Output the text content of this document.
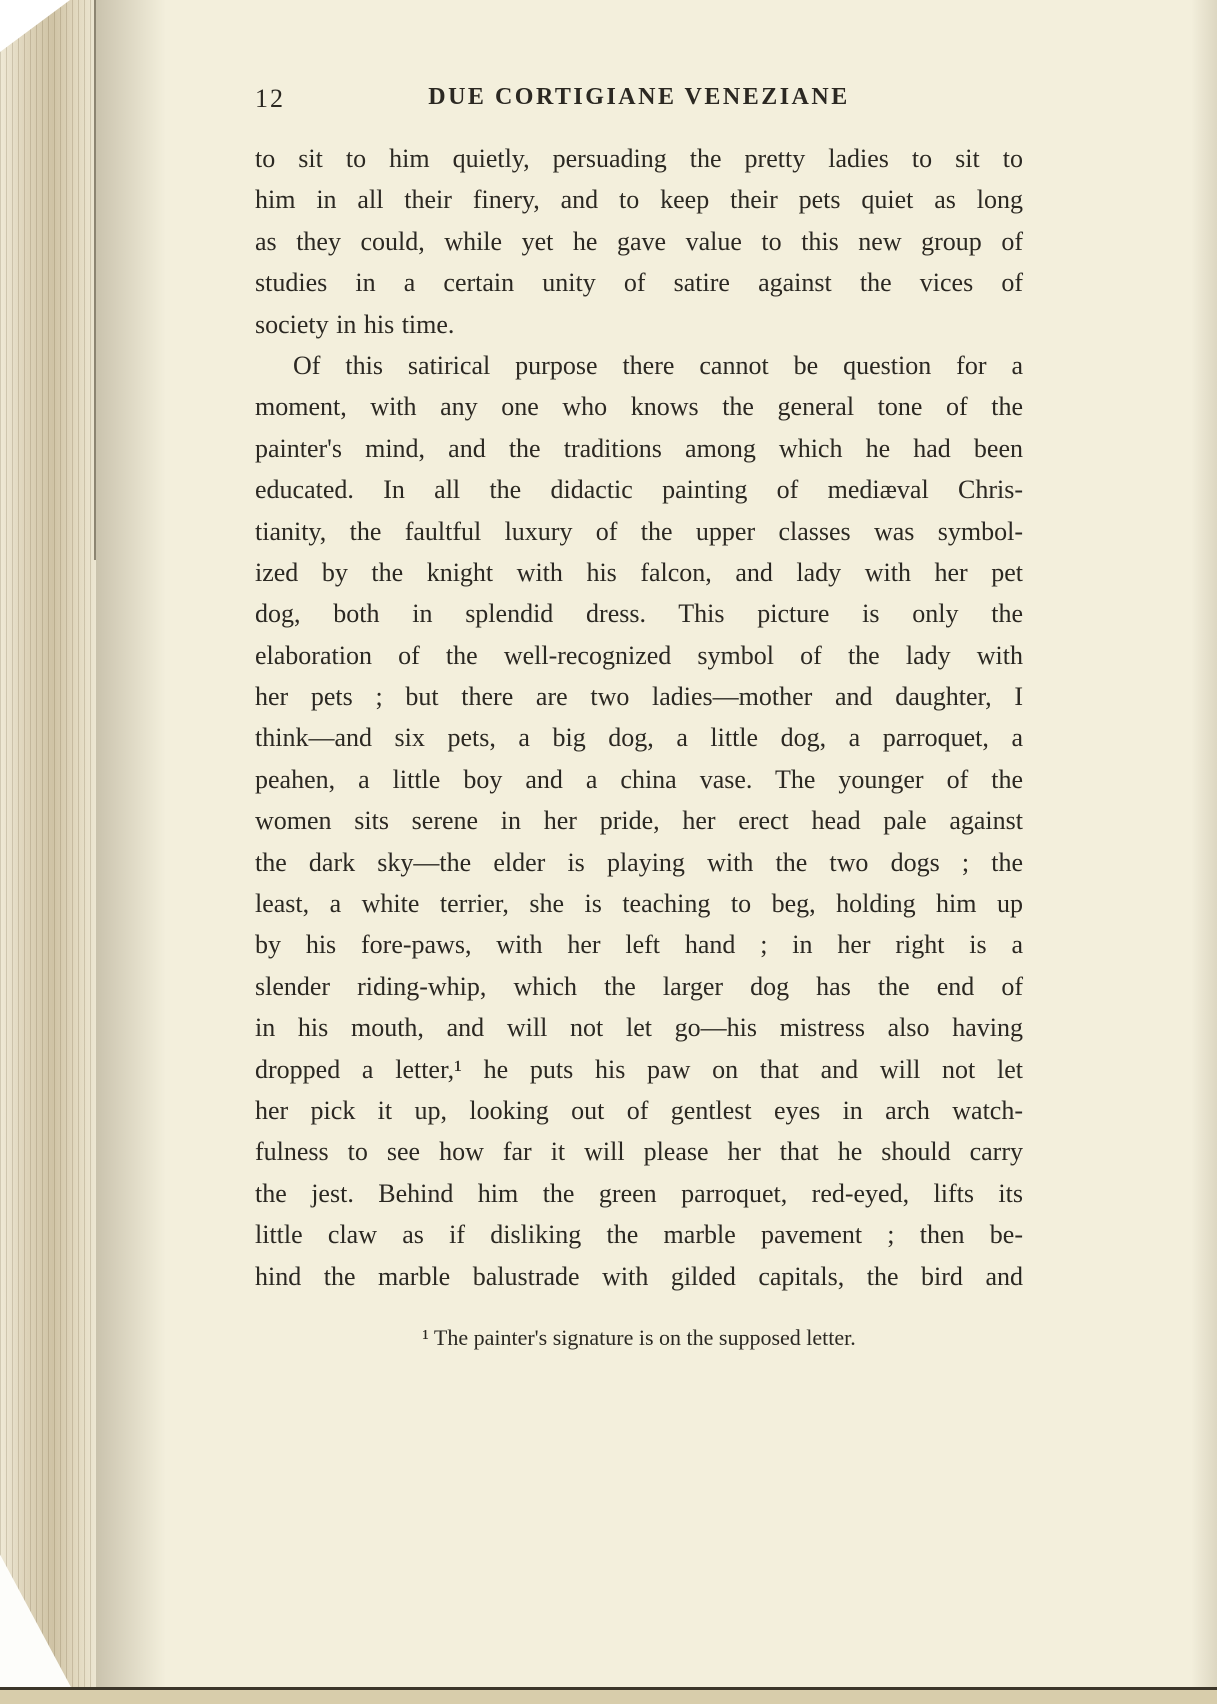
12	DUE CORTIGIANE VENEZIANE
to sit to him quietly, persuading the pretty ladies to sit to
him in all their finery, and to keep their pets quiet as long
as they could, while yet he gave value to this new group of
studies in a certain unity of satire against the vices of
society in his time.
Of this satirical purpose there cannot be question for a
moment, with any one who knows the general tone of the
painter's mind, and the traditions among which he had been
educated. In all the didactic painting of mediæval Chris-
tianity, the faultful luxury of the upper classes was symbol-
ized by the knight with his falcon, and lady with her pet
dog, both in splendid dress. This picture is only the
elaboration of the well-recognized symbol of the lady with
her pets ; but there are two ladies—mother and daughter, I
think—and six pets, a big dog, a little dog, a parroquet, a
peahen, a little boy and a china vase. The younger of the
women sits serene in her pride, her erect head pale against
the dark sky—the elder is playing with the two dogs ; the
least, a white terrier, she is teaching to beg, holding him up
by his fore-paws, with her left hand ; in her right is a
slender riding-whip, which the larger dog has the end of
in his mouth, and will not let go—his mistress also having
dropped a letter,¹ he puts his paw on that and will not let
her pick it up, looking out of gentlest eyes in arch watch-
fulness to see how far it will please her that he should carry
the jest. Behind him the green parroquet, red-eyed, lifts its
little claw as if disliking the marble pavement ; then be-
hind the marble balustrade with gilded capitals, the bird and
¹ The painter's signature is on the supposed letter.
